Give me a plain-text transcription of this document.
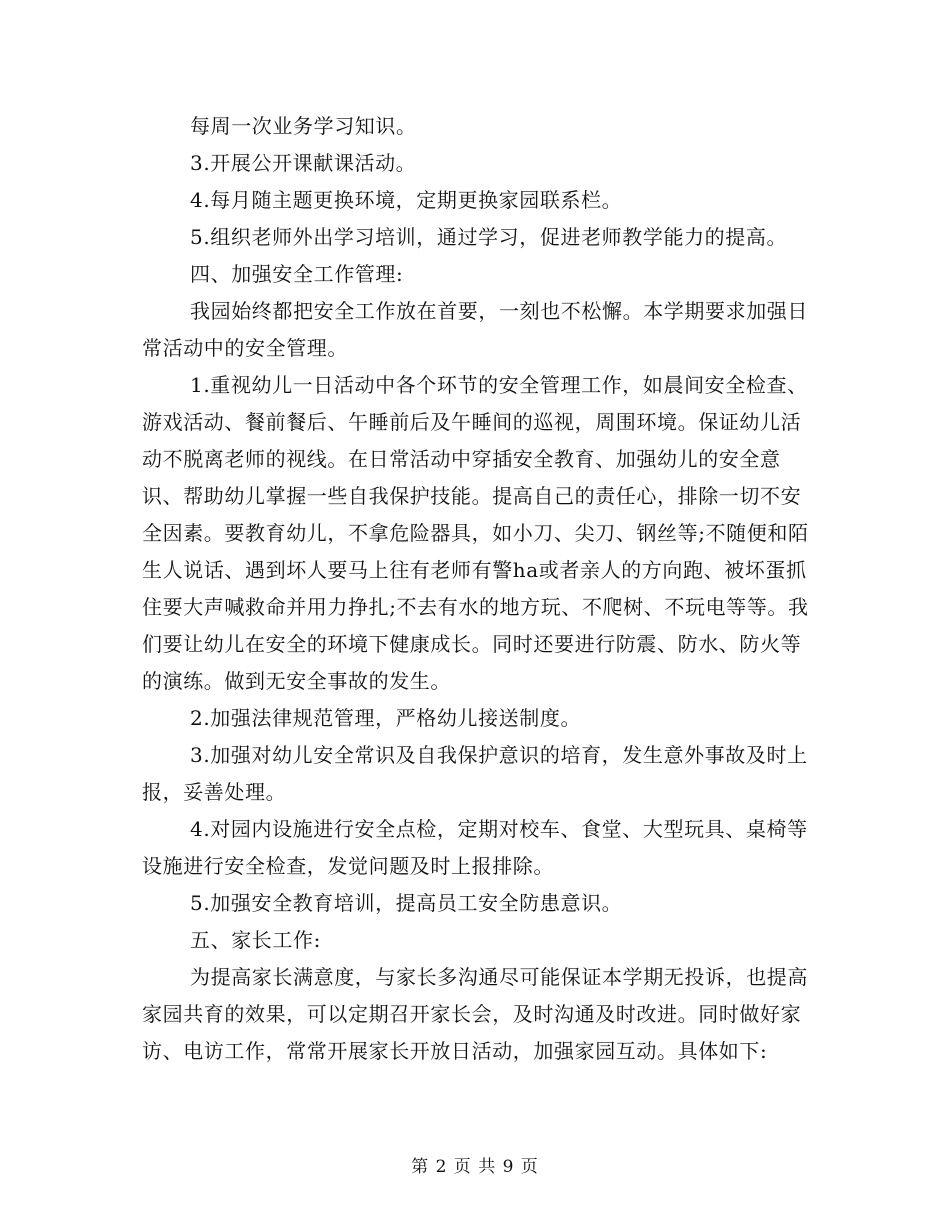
每周一次业务学习知识。

3.开展公开课献课活动。

4.每月随主题更换环境，定期更换家园联系栏。

5.组织老师外出学习培训，通过学习，促进老师教学能力的提高。

四、加强安全工作管理:

我园始终都把安全工作放在首要，一刻也不松懈。本学期要求加强日常活动中的安全管理。

1.重视幼儿一日活动中各个环节的安全管理工作，如晨间安全检查、游戏活动、餐前餐后、午睡前后及午睡间的巡视，周围环境。保证幼儿活动不脱离老师的视线。在日常活动中穿插安全教育、加强幼儿的安全意识、帮助幼儿掌握一些自我保护技能。提高自己的责任心，排除一切不安全因素。要教育幼儿，不拿危险器具，如小刀、尖刀、钢丝等;不随便和陌生人说话、遇到坏人要马上往有老师有警ha或者亲人的方向跑、被坏蛋抓住要大声喊救命并用力挣扎;不去有水的地方玩、不爬树、不玩电等等。我们要让幼儿在安全的环境下健康成长。同时还要进行防震、防水、防火等的演练。做到无安全事故的发生。

2.加强法律规范管理，严格幼儿接送制度。

3.加强对幼儿安全常识及自我保护意识的培育，发生意外事故及时上报，妥善处理。

4.对园内设施进行安全点检，定期对校车、食堂、大型玩具、桌椅等设施进行安全检查，发觉问题及时上报排除。

5.加强安全教育培训，提高员工安全防患意识。

五、家长工作:

为提高家长满意度，与家长多沟通尽可能保证本学期无投诉，也提高家园共育的效果，可以定期召开家长会，及时沟通及时改进。同时做好家访、电访工作，常常开展家长开放日活动，加强家园互动。具体如下:

第 2 页 共 9 页
